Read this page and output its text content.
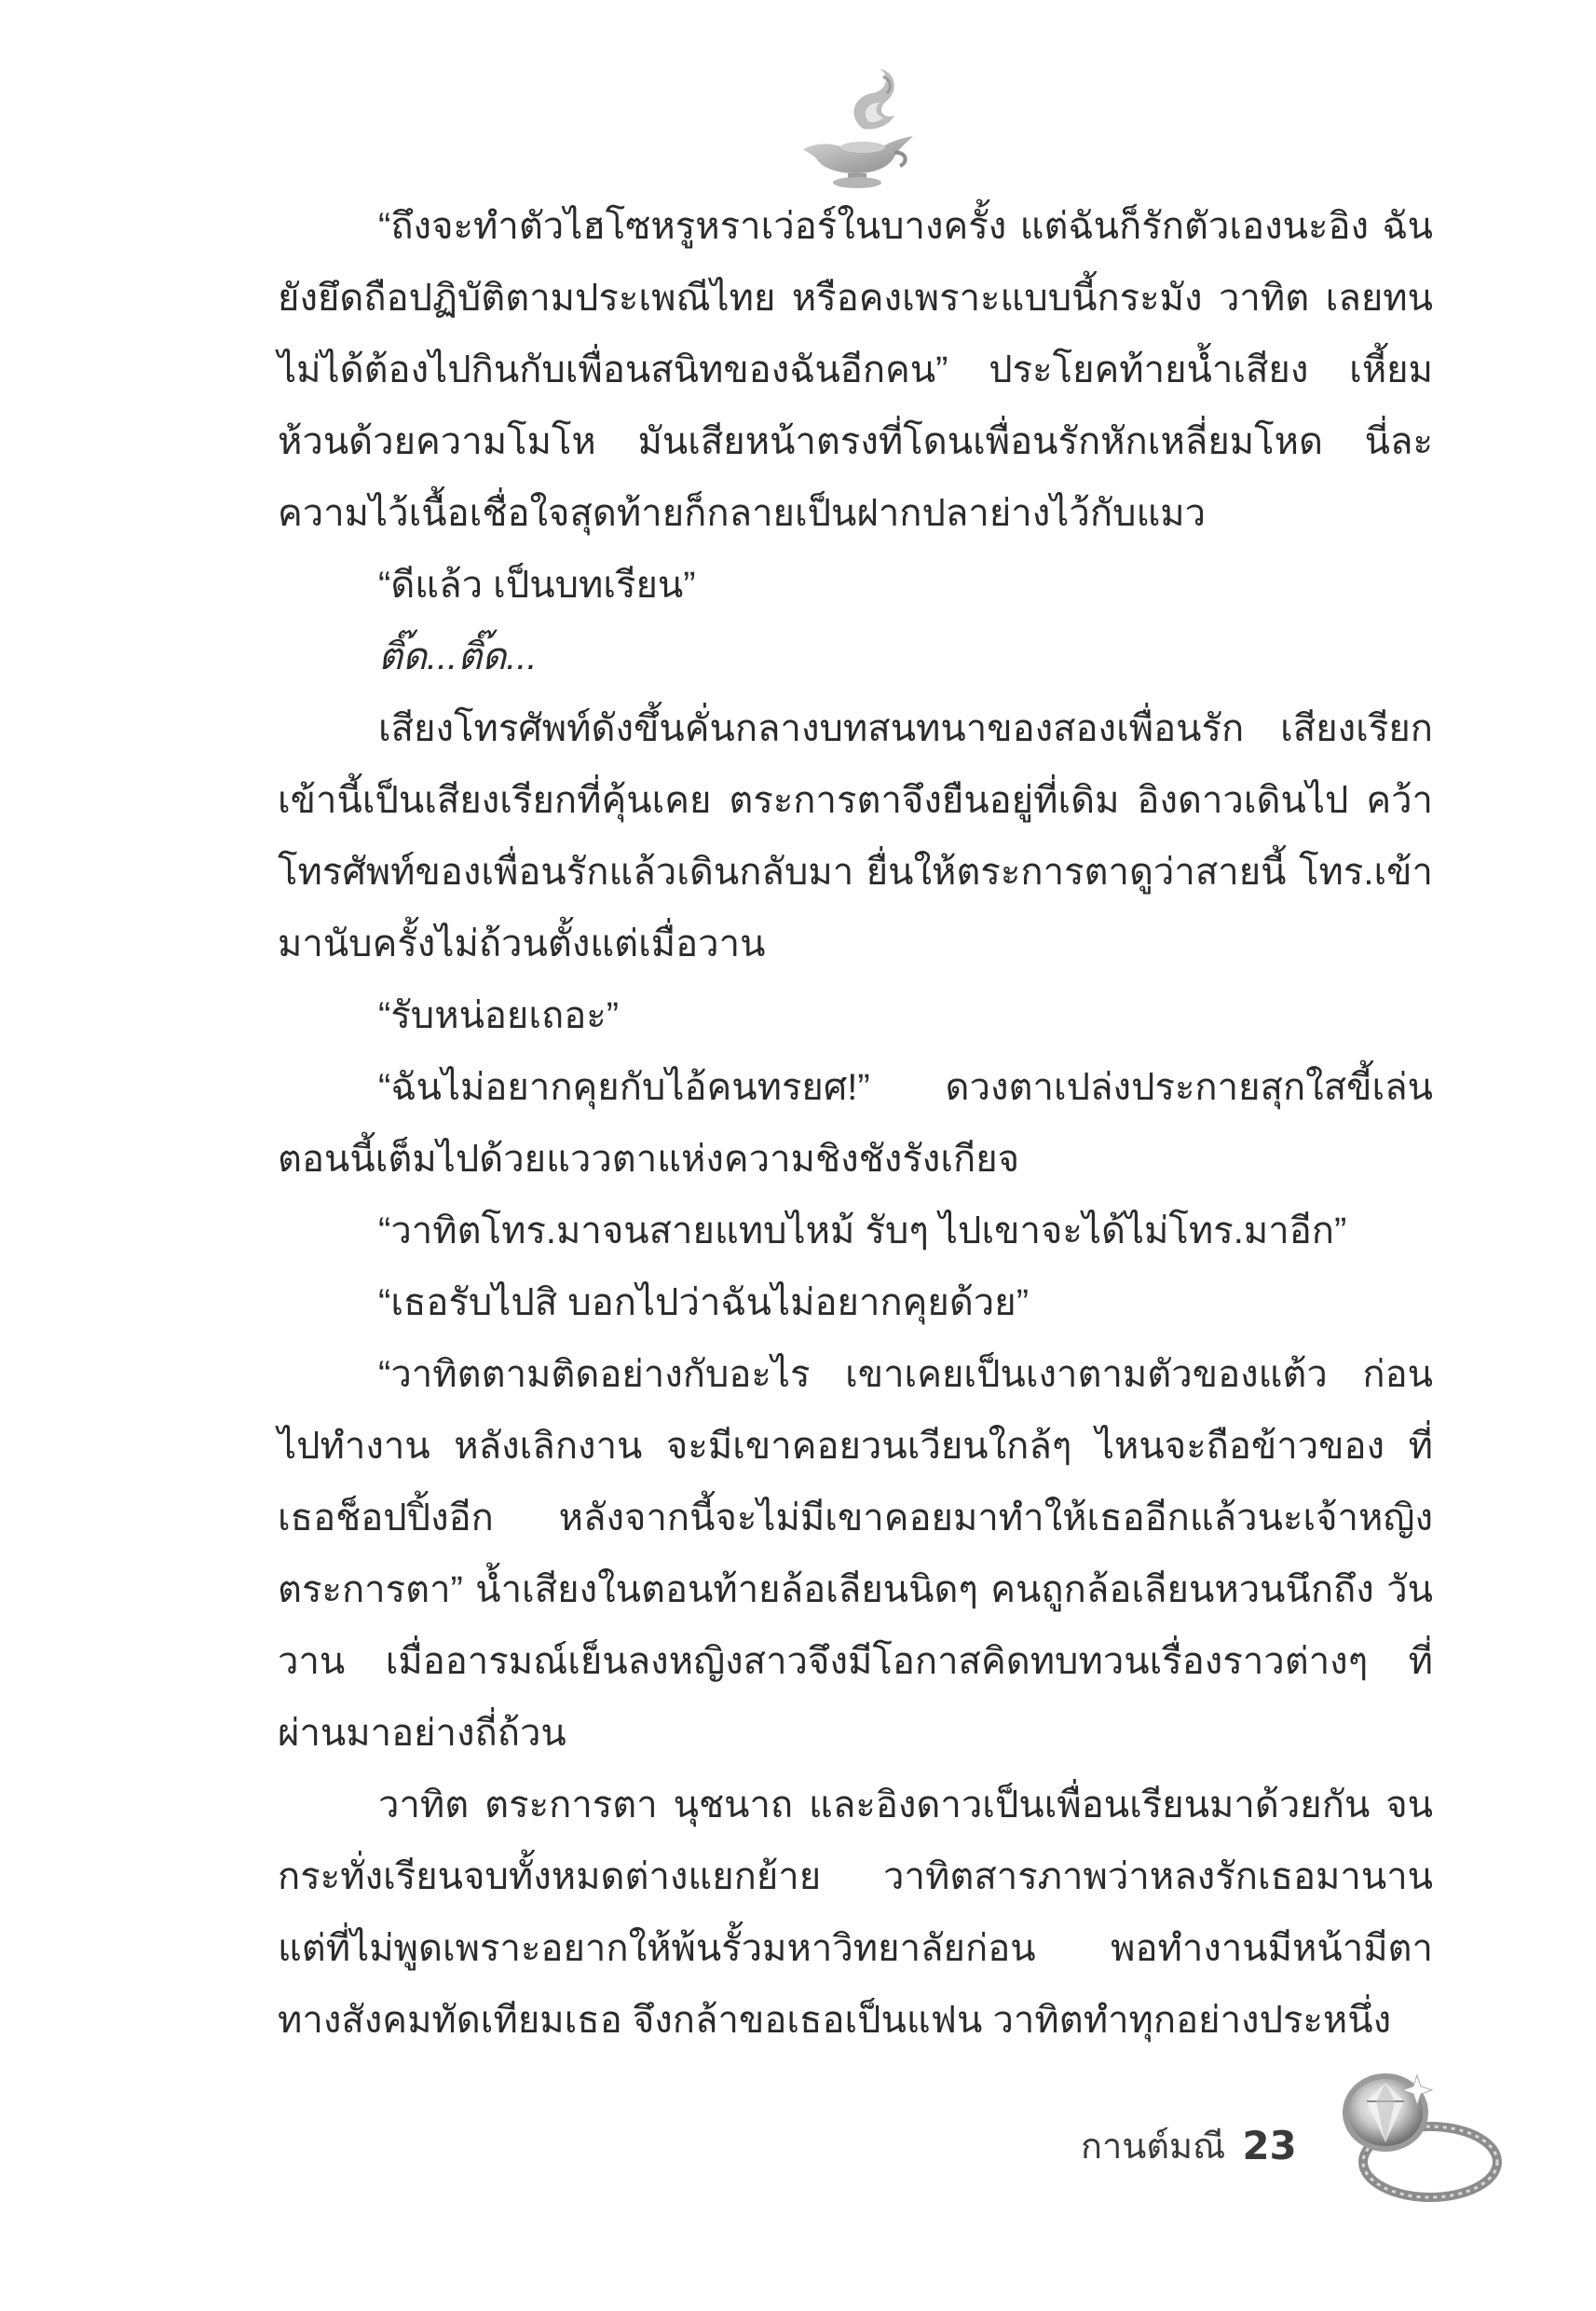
“ถึงจะทำตัวไฮโซหรูหราเว่อร์ในบางครั้ง แต่ฉันก็รักตัวเองนะอิง ฉันยังยึดถือปฏิบัติตามประเพณีไทย หรือคงเพราะแบบนี้กระมัง วาทิต เลยทนไม่ได้ต้องไปกินกับเพื่อนสนิทของฉันอีกคน” ประโยคท้ายน้ำเสียง เหี้ยมห้วนด้วยความโมโห มันเสียหน้าตรงที่โดนเพื่อนรักหักเหลี่ยมโหด นี่ละ ความไว้เนื้อเชื่อใจสุดท้ายก็กลายเป็นฝากปลาย่างไว้กับแมว

“ดีแล้ว เป็นบทเรียน”

ติ๊ด...ติ๊ด...

เสียงโทรศัพท์ดังขึ้นคั่นกลางบทสนทนาของสองเพื่อนรัก เสียงเรียก เข้านี้เป็นเสียงเรียกที่คุ้นเคย ตระการตาจึงยืนอยู่ที่เดิม อิงดาวเดินไป คว้าโทรศัพท์ของเพื่อนรักแล้วเดินกลับมา ยื่นให้ตระการตาดูว่าสายนี้ โทร.เข้ามานับครั้งไม่ถ้วนตั้งแต่เมื่อวาน

“รับหน่อยเถอะ”

“ฉันไม่อยากคุยกับไอ้คนทรยศ!” ดวงตาเปล่งประกายสุกใสขี้เล่น ตอนนี้เต็มไปด้วยแววตาแห่งความชิงชังรังเกียจ

“วาทิตโทร.มาจนสายแทบไหม้ รับๆ ไปเขาจะได้ไม่โทร.มาอีก”

“เธอรับไปสิ บอกไปว่าฉันไม่อยากคุยด้วย”

“วาทิตตามติดอย่างกับอะไร เขาเคยเป็นเงาตามตัวของแต้ว ก่อน ไปทำงาน หลังเลิกงาน จะมีเขาคอยวนเวียนใกล้ๆ ไหนจะถือข้าวของ ที่เธอช็อปปิ้งอีก หลังจากนี้จะไม่มีเขาคอยมาทำให้เธออีกแล้วนะเจ้าหญิง ตระการตา” น้ำเสียงในตอนท้ายล้อเลียนนิดๆ คนถูกล้อเลียนหวนนึกถึง วันวาน เมื่ออารมณ์เย็นลงหญิงสาวจึงมีโอกาสคิดทบทวนเรื่องราวต่างๆ ที่ผ่านมาอย่างถี่ถ้วน

วาทิต ตระการตา นุชนาถ และอิงดาวเป็นเพื่อนเรียนมาด้วยกัน จนกระทั่งเรียนจบทั้งหมดต่างแยกย้าย วาทิตสารภาพว่าหลงรักเธอมานาน แต่ที่ไม่พูดเพราะอยากให้พ้นรั้วมหาวิทยาลัยก่อน พอทำงานมีหน้ามีตา ทางสังคมทัดเทียมเธอ จึงกล้าขอเธอเป็นแฟน วาทิตทำทุกอย่างประหนึ่ง

กานต์มณี 23
